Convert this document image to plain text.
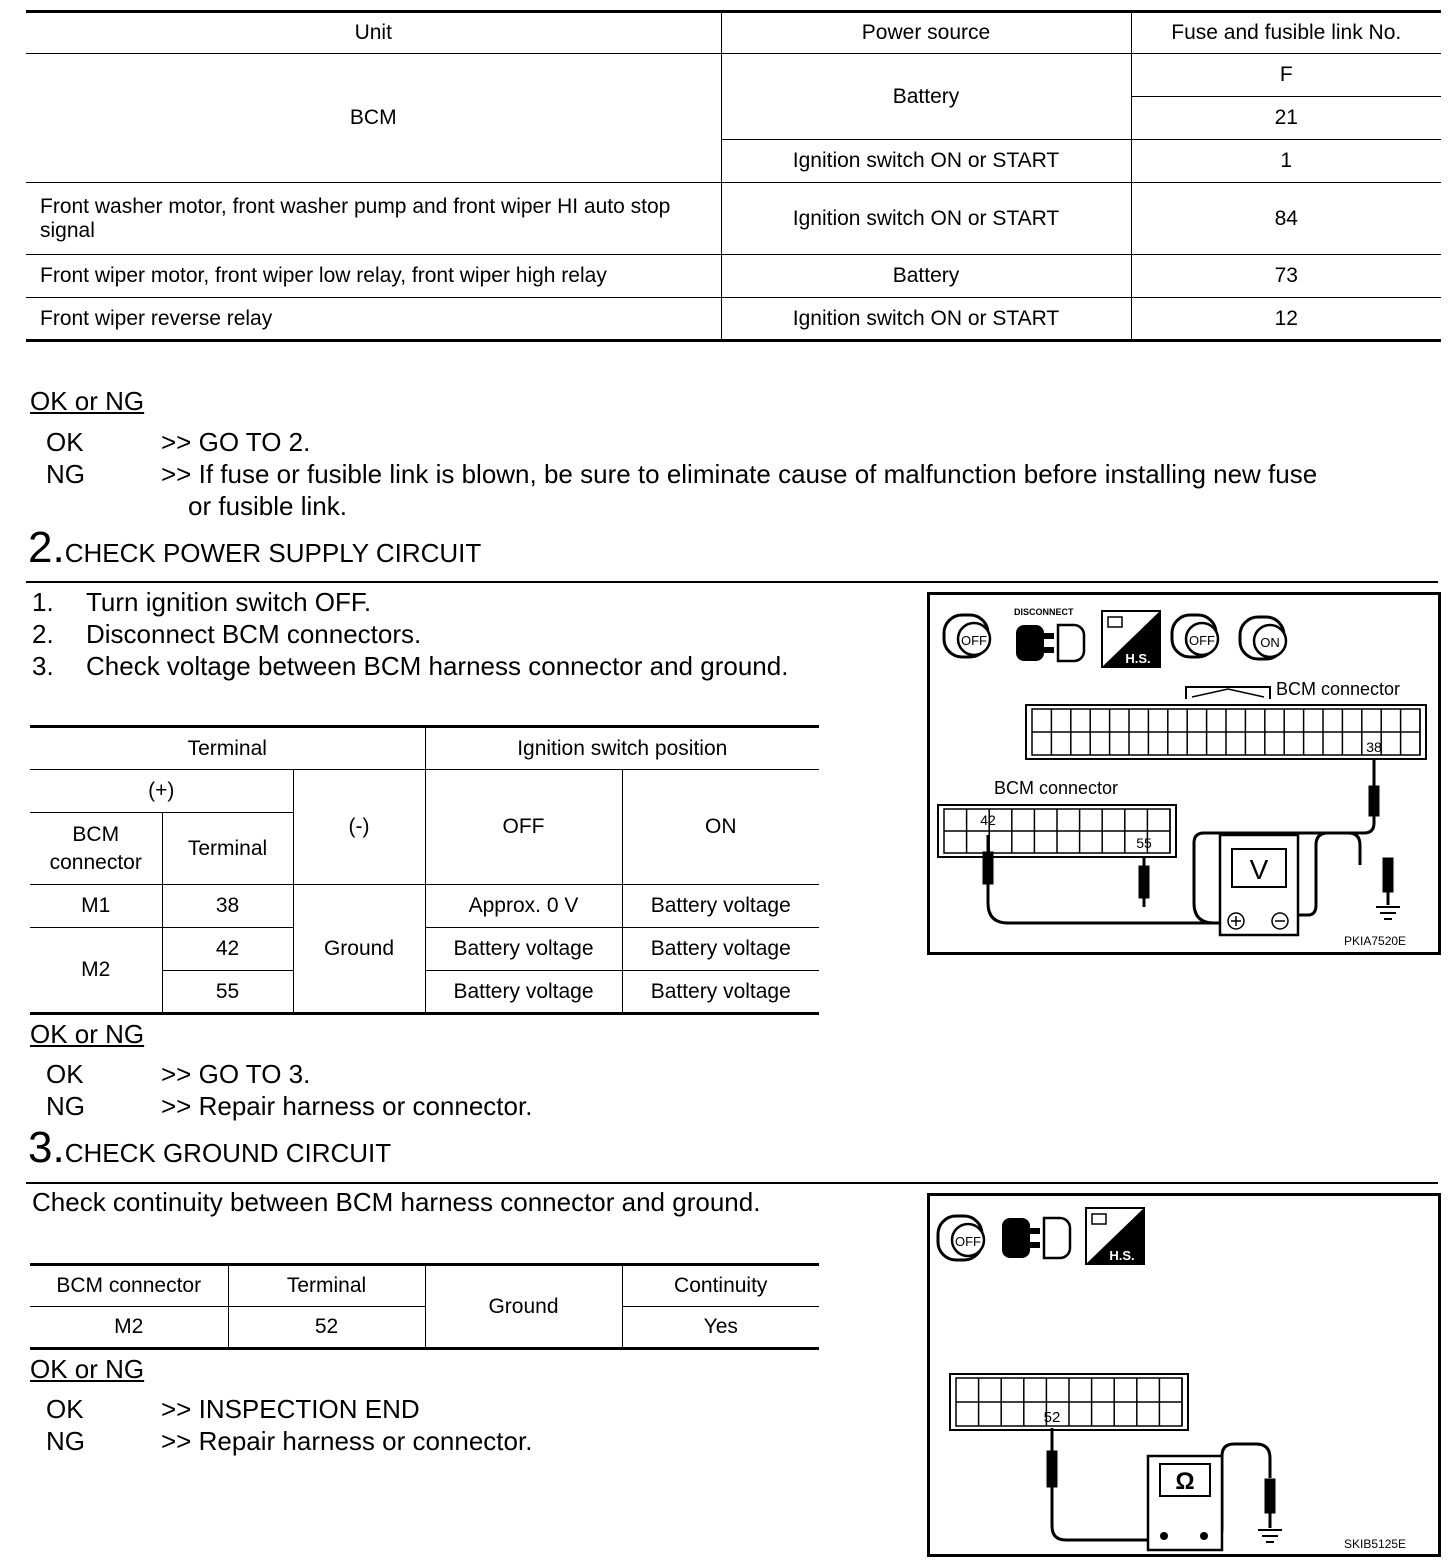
Unit	Power source	Fuse and fusible link No.
BCM	Battery	F
		21
	Ignition switch ON or START	1
Front washer motor, front washer pump and front wiper HI auto stop signal	Ignition switch ON or START	84
Front wiper motor, front wiper low relay, front wiper high relay	Battery	73
Front wiper reverse relay	Ignition switch ON or START	12
OK or NG
OK	>> GO TO 2.
NG	>> If fuse or fusible link is blown, be sure to eliminate cause of malfunction before installing new fuse
or fusible link.
2.CHECK POWER SUPPLY CIRCUIT
1. Turn ignition switch OFF.
2. Disconnect BCM connectors.
3. Check voltage between BCM harness connector and ground.
Terminal			Ignition switch position	
(+)		(-)	OFF	ON
BCM connector	Terminal			
M1	38	Ground	Approx. 0 V	Battery voltage
M2	42		Battery voltage	Battery voltage
	55		Battery voltage	Battery voltage
OFF
DISCONNECT
H.S.
OFF	ON
BCM connector
38
BCM connector
42
55
V
PKIA7520E
OK or NG
OK	>> GO TO 3.
NG	>> Repair harness or connector.
3.CHECK GROUND CIRCUIT
Check continuity between BCM harness connector and ground.
BCM connector	Terminal	Ground	Continuity
M2	52		Yes
OFF
H.S.
52
Ω
SKIB5125E
OK or NG
OK	>> INSPECTION END
NG	>> Repair harness or connector.
